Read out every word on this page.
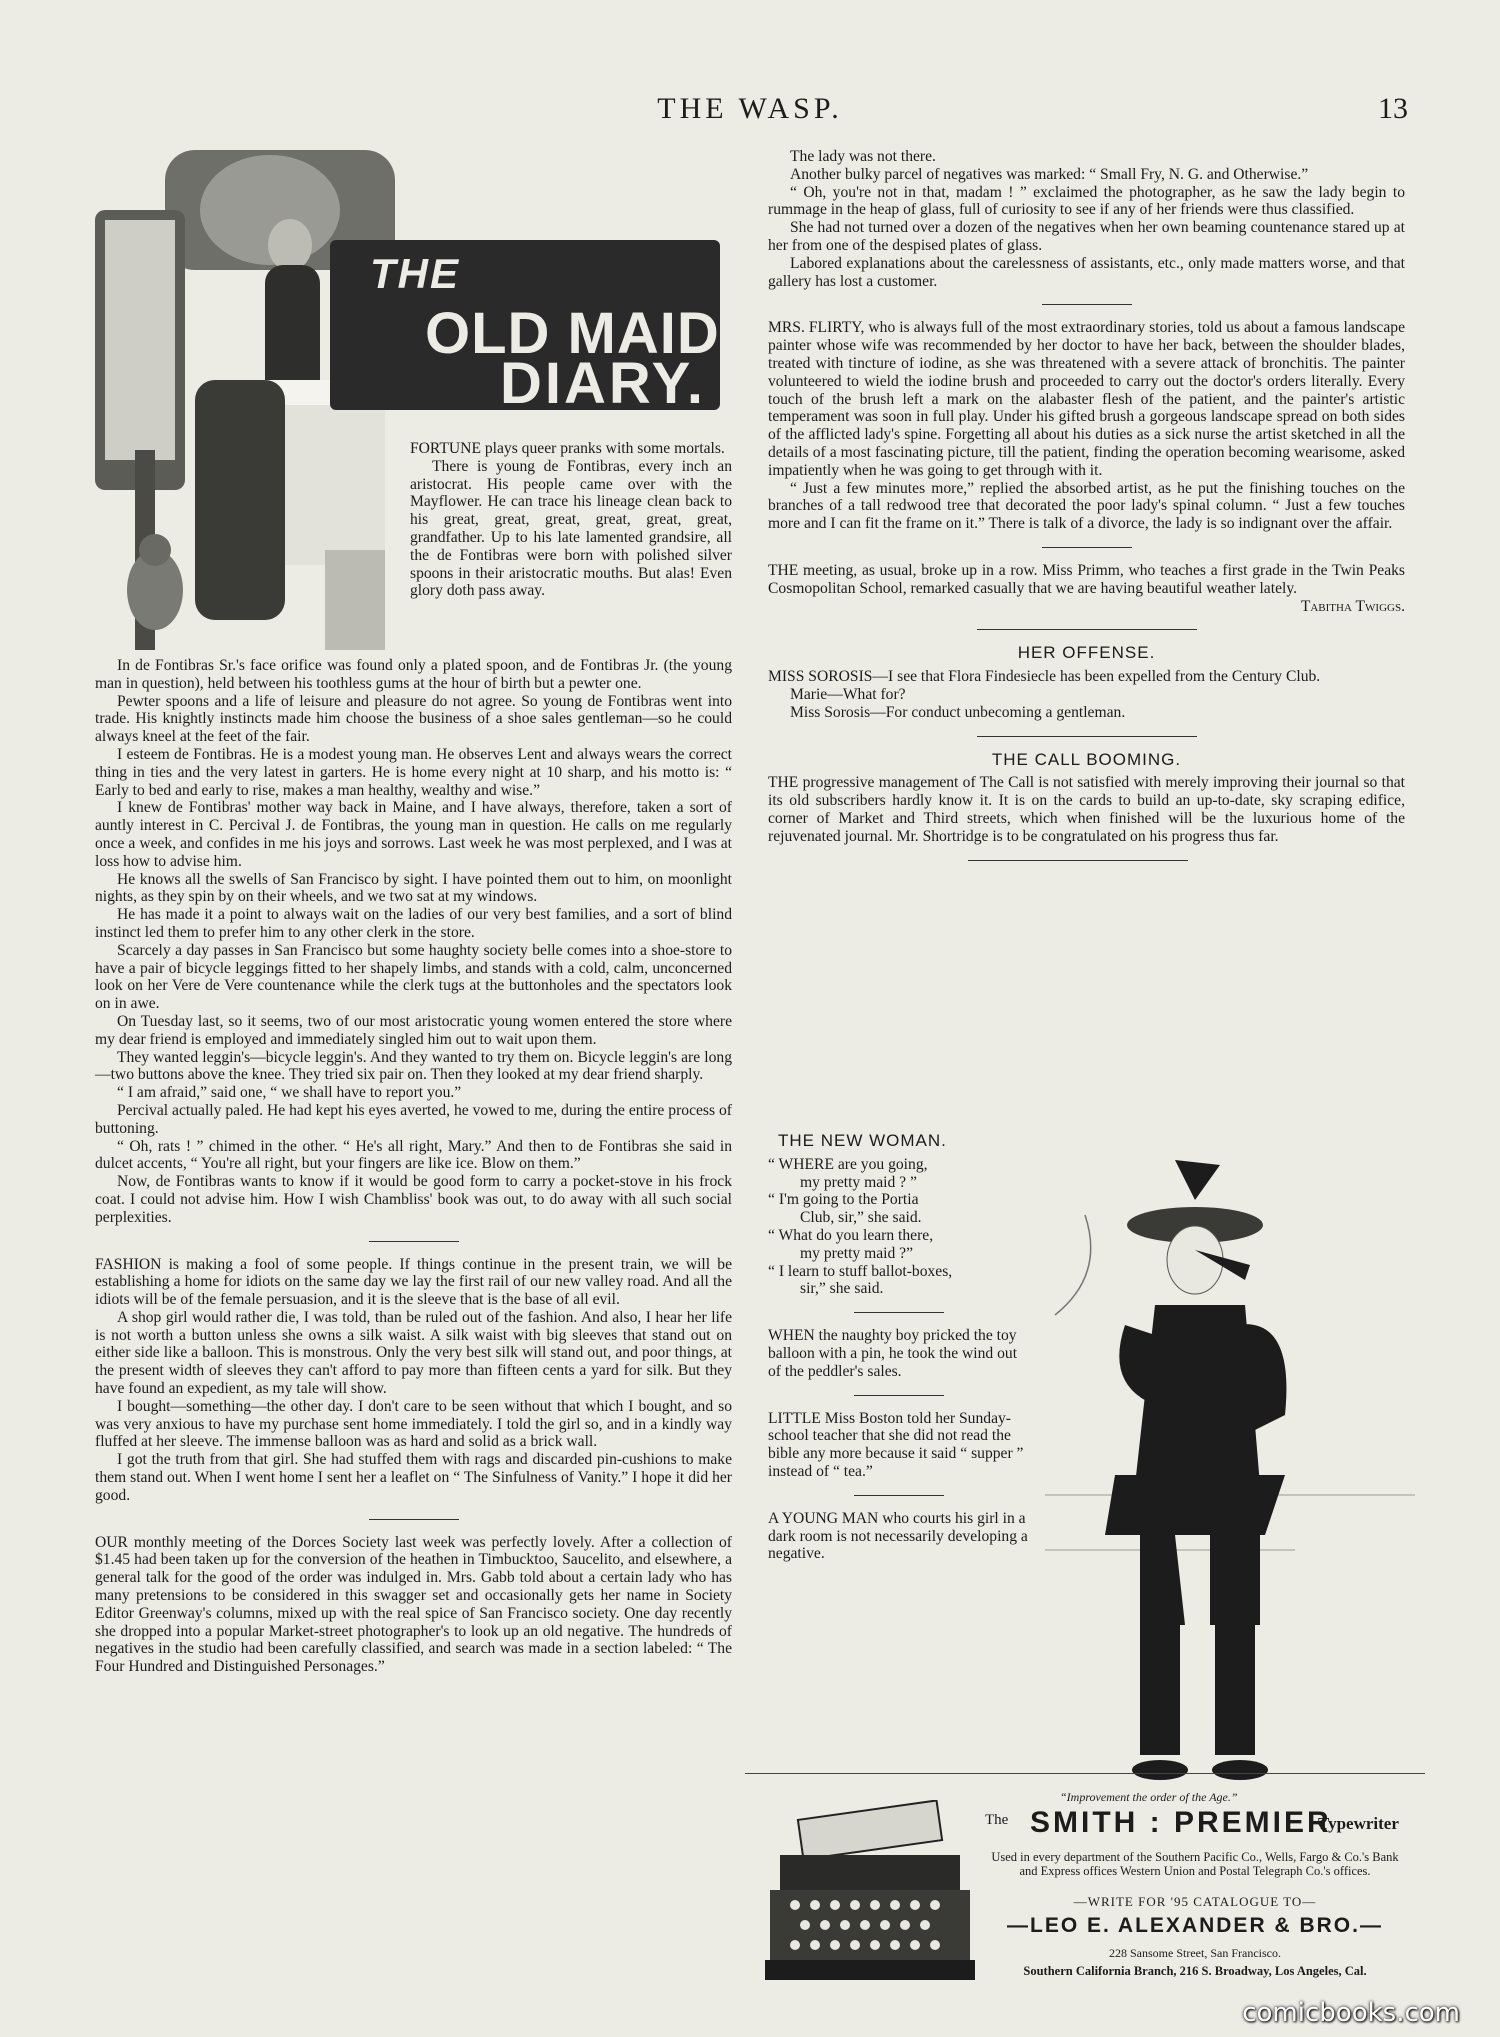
THE WASP.	13
THE
OLD MAID'S
DIARY.

FORTUNE plays queer pranks with some mortals.

There is young de Fontibras, every inch an aristocrat. His people came over with the Mayflower. He can trace his lineage clean back to his great, great, great, great, great, great, grandfather. Up to his late lamented grandsire, all the de Fontibras were born with polished silver spoons in their aristocratic mouths. But alas! Even glory doth pass away.

In de Fontibras Sr.'s face orifice was found only a plated spoon, and de Fontibras Jr. (the young man in question), held between his toothless gums at the hour of birth but a pewter one.

Pewter spoons and a life of leisure and pleasure do not agree. So young de Fontibras went into trade. His knightly instincts made him choose the business of a shoe sales gentleman—so he could always kneel at the feet of the fair.

I esteem de Fontibras. He is a modest young man. He observes Lent and always wears the correct thing in ties and the very latest in garters. He is home every night at 10 sharp, and his motto is: “ Early to bed and early to rise, makes a man healthy, wealthy and wise.”

I knew de Fontibras' mother way back in Maine, and I have always, therefore, taken a sort of auntly interest in C. Percival J. de Fontibras, the young man in question. He calls on me regularly once a week, and confides in me his joys and sorrows. Last week he was most perplexed, and I was at loss how to advise him.

He knows all the swells of San Francisco by sight. I have pointed them out to him, on moonlight nights, as they spin by on their wheels, and we two sat at my windows.

He has made it a point to always wait on the ladies of our very best families, and a sort of blind instinct led them to prefer him to any other clerk in the store.

Scarcely a day passes in San Francisco but some haughty society belle comes into a shoe-store to have a pair of bicycle leggings fitted to her shapely limbs, and stands with a cold, calm, unconcerned look on her Vere de Vere countenance while the clerk tugs at the buttonholes and the spectators look on in awe.

On Tuesday last, so it seems, two of our most aristocratic young women entered the store where my dear friend is employed and immediately singled him out to wait upon them.

They wanted leggin's—bicycle leggin's. And they wanted to try them on. Bicycle leggin's are long—two buttons above the knee. They tried six pair on. Then they looked at my dear friend sharply.

“ I am afraid,” said one, “ we shall have to report you.”

Percival actually paled. He had kept his eyes averted, he vowed to me, during the entire process of buttoning.

“ Oh, rats ! ” chimed in the other. “ He's all right, Mary.” And then to de Fontibras she said in dulcet accents, “ You're all right, but your fingers are like ice. Blow on them.”

Now, de Fontibras wants to know if it would be good form to carry a pocket-stove in his frock coat. I could not advise him. How I wish Chambliss' book was out, to do away with all such social perplexities.

FASHION is making a fool of some people. If things continue in the present train, we will be establishing a home for idiots on the same day we lay the first rail of our new valley road. And all the idiots will be of the female persuasion, and it is the sleeve that is the base of all evil.

A shop girl would rather die, I was told, than be ruled out of the fashion. And also, I hear her life is not worth a button unless she owns a silk waist. A silk waist with big sleeves that stand out on either side like a balloon. This is monstrous. Only the very best silk will stand out, and poor things, at the present width of sleeves they can't afford to pay more than fifteen cents a yard for silk. But they have found an expedient, as my tale will show.

I bought—something—the other day. I don't care to be seen without that which I bought, and so was very anxious to have my purchase sent home immediately. I told the girl so, and in a kindly way fluffed at her sleeve. The immense balloon was as hard and solid as a brick wall.

I got the truth from that girl. She had stuffed them with rags and discarded pin-cushions to make them stand out. When I went home I sent her a leaflet on “ The Sinfulness of Vanity.” I hope it did her good.

OUR monthly meeting of the Dorces Society last week was perfectly lovely. After a collection of $1.45 had been taken up for the conversion of the heathen in Timbucktoo, Saucelito, and elsewhere, a general talk for the good of the order was indulged in. Mrs. Gabb told about a certain lady who has many pretensions to be considered in this swagger set and occasionally gets her name in Society Editor Greenway's columns, mixed up with the real spice of San Francisco society. One day recently she dropped into a popular Market-street photographer's to look up an old negative. The hundreds of negatives in the studio had been carefully classified, and search was made in a section labeled: “ The Four Hundred and Distinguished Personages.”

The lady was not there.

Another bulky parcel of negatives was marked: “ Small Fry, N. G. and Otherwise.”

“ Oh, you're not in that, madam ! ” exclaimed the photographer, as he saw the lady begin to rummage in the heap of glass, full of curiosity to see if any of her friends were thus classified.

She had not turned over a dozen of the negatives when her own beaming countenance stared up at her from one of the despised plates of glass.

Labored explanations about the carelessness of assistants, etc., only made matters worse, and that gallery has lost a customer.

MRS. FLIRTY, who is always full of the most extraordinary stories, told us about a famous landscape painter whose wife was recommended by her doctor to have her back, between the shoulder blades, treated with tincture of iodine, as she was threatened with a severe attack of bronchitis. The painter volunteered to wield the iodine brush and proceeded to carry out the doctor's orders literally. Every touch of the brush left a mark on the alabaster flesh of the patient, and the painter's artistic temperament was soon in full play. Under his gifted brush a gorgeous landscape spread on both sides of the afflicted lady's spine. Forgetting all about his duties as a sick nurse the artist sketched in all the details of a most fascinating picture, till the patient, finding the operation becoming wearisome, asked impatiently when he was going to get through with it.

“ Just a few minutes more,” replied the absorbed artist, as he put the finishing touches on the branches of a tall redwood tree that decorated the poor lady's spinal column. “ Just a few touches more and I can fit the frame on it.” There is talk of a divorce, the lady is so indignant over the affair.

THE meeting, as usual, broke up in a row. Miss Primm, who teaches a first grade in the Twin Peaks Cosmopolitan School, remarked casually that we are having beautiful weather lately.

Tabitha Twiggs.

HER OFFENSE.

MISS SOROSIS—I see that Flora Findesiecle has been expelled from the Century Club.

Marie—What for?

Miss Sorosis—For conduct unbecoming a gentleman.

THE CALL BOOMING.

THE progressive management of The Call is not satisfied with merely improving their journal so that its old subscribers hardly know it. It is on the cards to build an up-to-date, sky scraping edifice, corner of Market and Third streets, which when finished will be the luxurious home of the rejuvenated journal. Mr. Shortridge is to be congratulated on his progress thus far.

THE NEW WOMAN.

“ WHERE are you going,

my pretty maid ? ”

“ I'm going to the Portia

Club, sir,” she said.

“ What do you learn there,

my pretty maid ?”

“ I learn to stuff ballot-boxes,

sir,” she said.

WHEN the naughty boy pricked the toy balloon with a pin, he took the wind out of the peddler's sales.

LITTLE Miss Boston told her Sunday-school teacher that she did not read the bible any more because it said “ supper ” instead of “ tea.”

A YOUNG MAN who courts his girl in a dark room is not necessarily developing a negative.

“Improvement the order of the Age.”
The SMITH : PREMIER
Typewriter
Used in every department of the Southern Pacific Co., Wells, Fargo & Co.'s Bank and Express offices Western Union and Postal Telegraph Co.'s offices.
—WRITE FOR '95 CATALOGUE TO—
—LEO E. ALEXANDER & BRO.—
228 Sansome Street, San Francisco.
Southern California Branch, 216 S. Broadway, Los Angeles, Cal.
comicbooks.com
